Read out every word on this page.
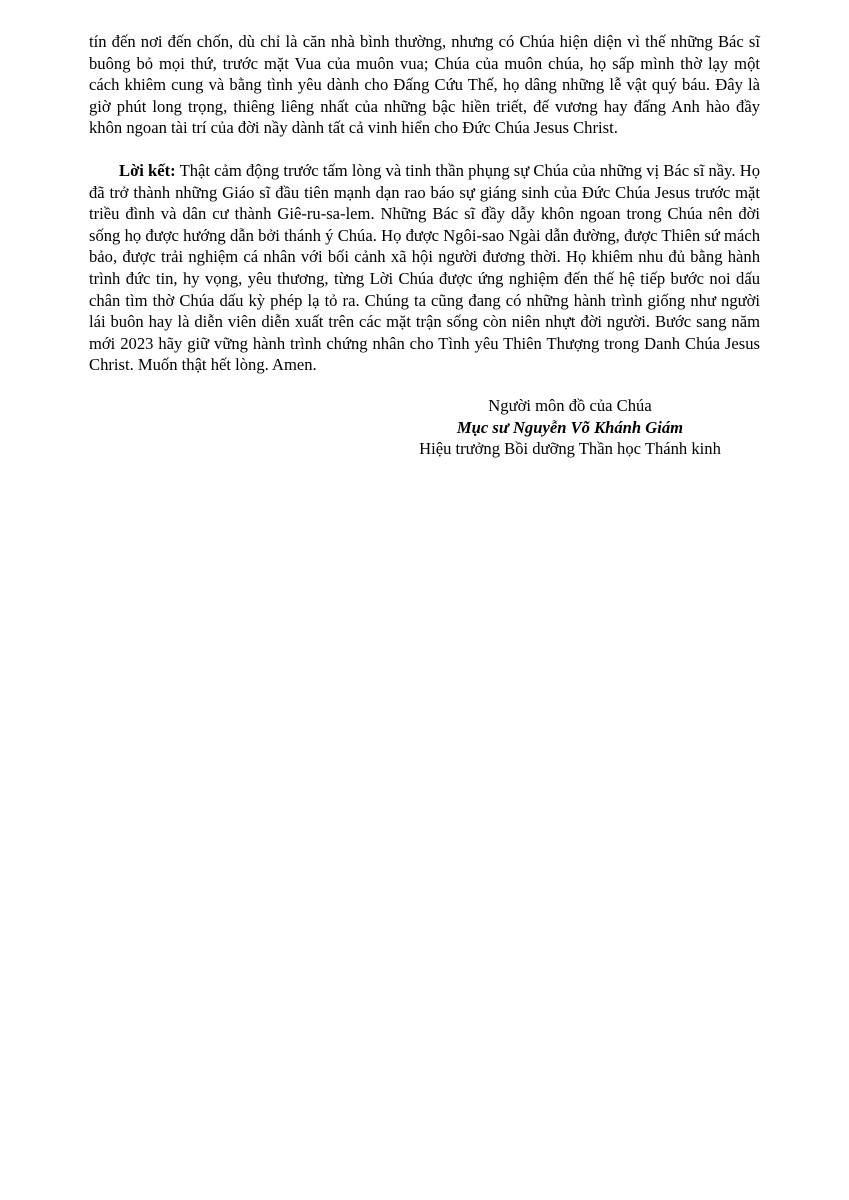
tín đến nơi đến chốn, dù chỉ là căn nhà bình thường, nhưng có Chúa hiện diện vì thế những Bác sĩ buông bỏ mọi thứ, trước mặt Vua của muôn vua; Chúa của muôn chúa, họ sấp mình thờ lạy một cách khiêm cung và bằng tình yêu dành cho Đấng Cứu Thế, họ dâng những lễ vật quý báu. Đây là giờ phút long trọng, thiêng liêng nhất của những bậc hiền triết, đế vương hay đấng Anh hào đầy khôn ngoan tài trí của đời nầy dành tất cả vinh hiển cho Đức Chúa Jesus Christ.

Lời kết: Thật cảm động trước tấm lòng và tinh thần phụng sự Chúa của những vị Bác sĩ nầy. Họ đã trở thành những Giáo sĩ đầu tiên mạnh dạn rao báo sự giáng sinh của Đức Chúa Jesus trước mặt triều đình và dân cư thành Giê-ru-sa-lem. Những Bác sĩ đầy dẫy khôn ngoan trong Chúa nên đời sống họ được hướng dẫn bởi thánh ý Chúa. Họ được Ngôi-sao Ngài dẫn đường, được Thiên sứ mách bảo, được trải nghiệm cá nhân với bối cảnh xã hội người đương thời. Họ khiêm nhu đủ bằng hành trình đức tin, hy vọng, yêu thương, từng Lời Chúa được ứng nghiệm đến thế hệ tiếp bước noi dấu chân tìm thờ Chúa dấu kỳ phép lạ tỏ ra. Chúng ta cũng đang có những hành trình giống như người lái buôn hay là diễn viên diễn xuất trên các mặt trận sống còn niên nhựt đời người. Bước sang năm mới 2023 hãy giữ vững hành trình chứng nhân cho Tình yêu Thiên Thượng trong Danh Chúa Jesus Christ. Muốn thật hết lòng. Amen.

Người môn đồ của Chúa
Mục sư Nguyễn Võ Khánh Giám
Hiệu trưởng Bồi dưỡng Thần học Thánh kinh
